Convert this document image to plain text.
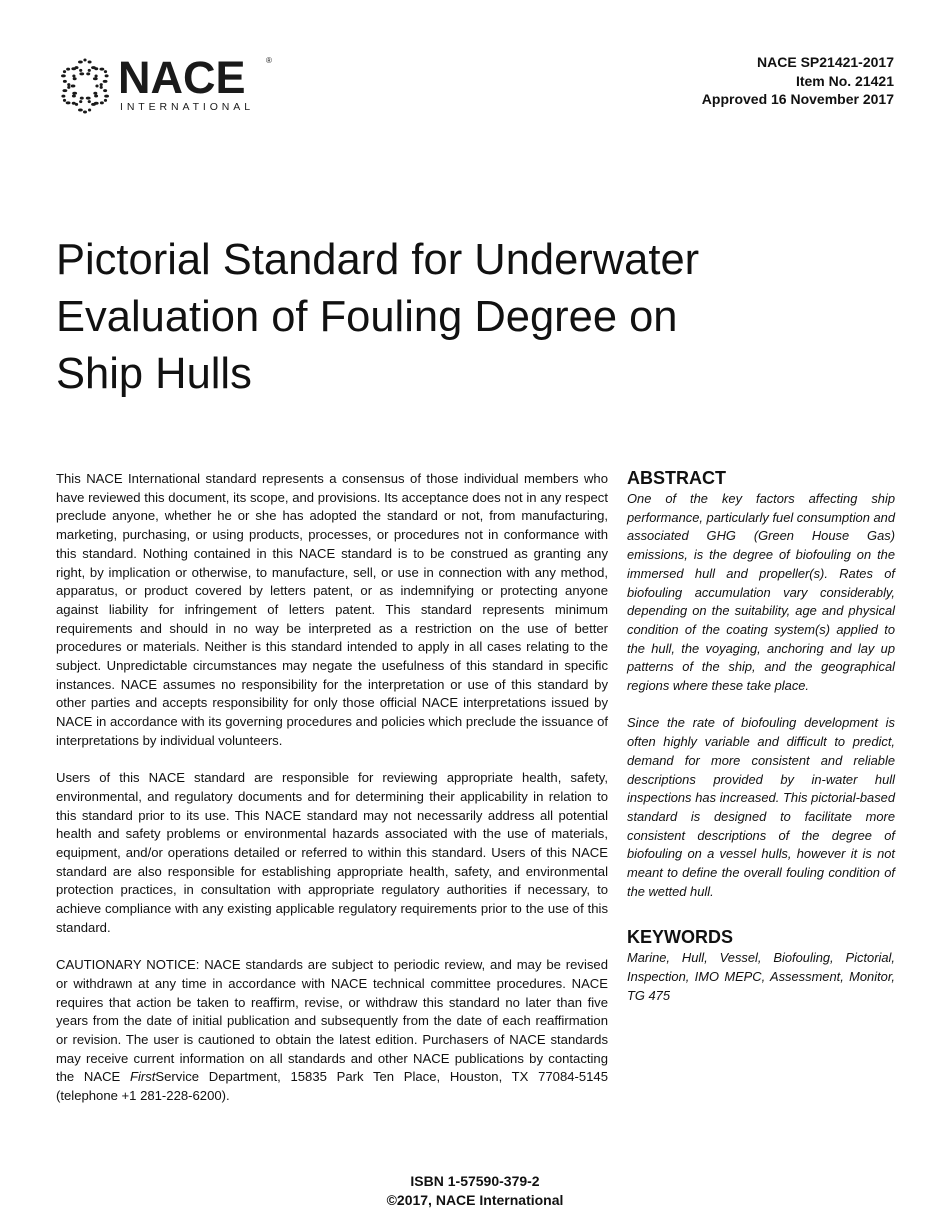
NACE	®
INTERNATIONAL
NACE SP21421-2017
Item No. 21421
Approved 16 November 2017
Pictorial Standard for Underwater
Evaluation of Fouling Degree on
Ship Hulls

This NACE International standard represents a consensus of those individual members who have reviewed this document, its scope, and provisions. Its acceptance does not in any respect preclude anyone, whether he or she has adopted the standard or not, from manufacturing, marketing, purchasing, or using products, processes, or procedures not in conformance with this standard. Nothing contained in this NACE standard is to be construed as granting any right, by implication or otherwise, to manufacture, sell, or use in connection with any method, apparatus, or product covered by letters patent, or as indemnifying or protecting anyone against liability for infringement of letters patent. This standard represents minimum requirements and should in no way be interpreted as a restriction on the use of better procedures or materials. Neither is this standard intended to apply in all cases relating to the subject. Unpredictable circumstances may negate the usefulness of this standard in specific instances. NACE assumes no responsibility for the interpretation or use of this standard by other parties and accepts responsibility for only those official NACE interpretations issued by NACE in accordance with its governing procedures and policies which preclude the issuance of interpretations by individual volunteers.

Users of this NACE standard are responsible for reviewing appropriate health, safety, environmental, and regulatory documents and for determining their applicability in relation to this standard prior to its use. This NACE standard may not necessarily address all potential health and safety problems or environmental hazards associated with the use of materials, equipment, and/or operations detailed or referred to within this standard. Users of this NACE standard are also responsible for establishing appropriate health, safety, and environmental protection practices, in consultation with appropriate regulatory authorities if necessary, to achieve compliance with any existing applicable regulatory requirements prior to the use of this standard.

CAUTIONARY NOTICE: NACE standards are subject to periodic review, and may be revised or withdrawn at any time in accordance with NACE technical committee procedures. NACE requires that action be taken to reaffirm, revise, or withdraw this standard no later than five years from the date of initial publication and subsequently from the date of each reaffirmation or revision. The user is cautioned to obtain the latest edition. Purchasers of NACE standards may receive current information on all standards and other NACE publications by contacting the NACE FirstService Department, 15835 Park Ten Place, Houston, TX 77084-5145 (telephone +1 281-228-6200).

ABSTRACT

One of the key factors affecting ship performance, particularly fuel consumption and associated GHG (Green House Gas) emissions, is the degree of biofouling on the immersed hull and propeller(s). Rates of biofouling accumulation vary considerably, depending on the suitability, age and physical condition of the coating system(s) applied to the hull, the voyaging, anchoring and lay up patterns of the ship, and the geographical regions where these take place.

Since the rate of biofouling development is often highly variable and difficult to predict, demand for more consistent and reliable descriptions provided by in-water hull inspections has increased. This pictorial-based standard is designed to facilitate more consistent descriptions of the degree of biofouling on a vessel hulls, however it is not meant to define the overall fouling condition of the wetted hull.

KEYWORDS
Marine, Hull, Vessel, Biofouling, Pictorial, Inspection, IMO MEPC, Assessment, Monitor, TG 475
ISBN 1-57590-379-2
©2017, NACE International
